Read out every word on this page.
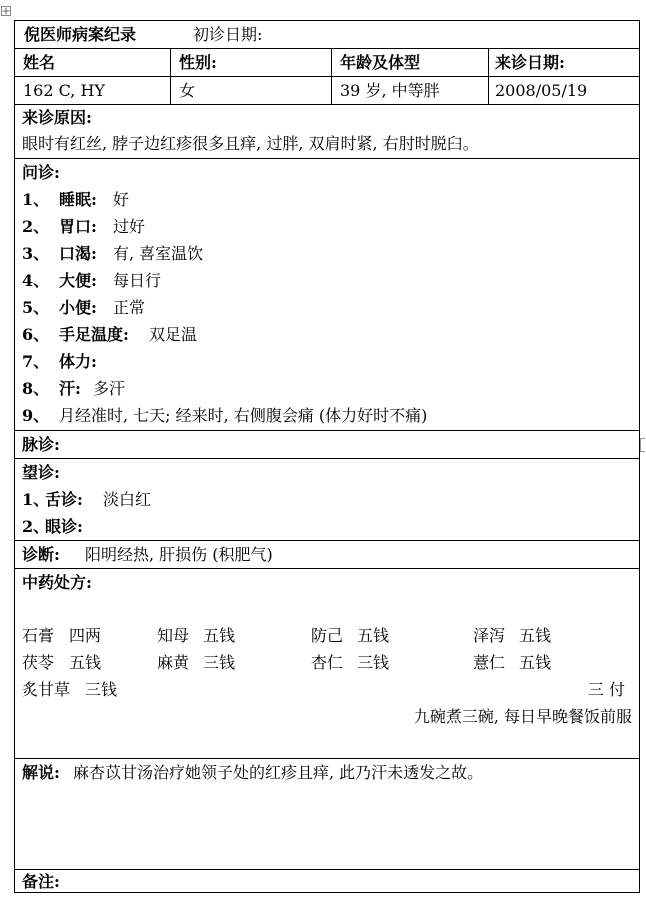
倪医师病案纪录	初诊日期:
姓名	性别:	年龄及体型	来诊日期:
162 C, HY	女	39 岁, 中等胖	2008/05/19
来诊原因:
眼时有红丝, 脖子边红疹很多且痒, 过胖, 双肩时紧, 右肘时脱臼。
问诊:
1、 睡眠: 好
2、 胃口: 过好
3、 口渴: 有, 喜室温饮
4、 大便: 每日行
5、 小便: 正常
6、 手足温度: 双足温
7、 体力:
8、 汗: 多汗
9、 月经准时, 七天; 经来时, 右侧腹会痛 (体力好时不痛)
脉诊:
望诊:
1、
舌诊: 淡白红
2、
眼诊:
诊断: 阳明经热, 肝损伤 (积肥气)
中药处方:
石膏 四两	知母 五钱	防己 五钱	泽泻 五钱
茯苓 五钱	麻黄 三钱	杏仁 三钱	薏仁 五钱
炙甘草 三钱	三 付
九碗煮三碗, 每日早晚餐饭前服
解说: 麻杏苡甘汤治疗她领子处的红疹且痒, 此乃汗未透发之故。
备注:
